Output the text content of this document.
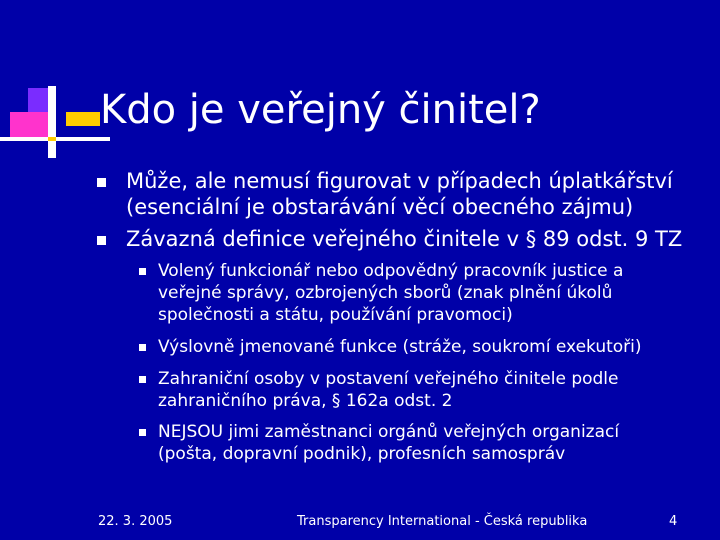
Kdo je veřejný činitel?
Může, ale nemusí figurovat v případech úplatkářství
(esenciální je obstarávání věcí obecného zájmu)
Závazná definice veřejného činitele v § 89 odst. 9 TZ
Volený funkcionář nebo odpovědný pracovník justice a
veřejné správy, ozbrojených sborů (znak plnění úkolů
společnosti a státu, používání pravomoci)
Výslovně jmenované funkce (stráže, soukromí exekutoři)
Zahraniční osoby v postavení veřejného činitele podle
zahraničního práva, § 162a odst. 2
NEJSOU jimi zaměstnanci orgánů veřejných organizací
(pošta, dopravní podnik), profesních samospráv
22. 3. 2005	Transparency International - Česká republika	4
